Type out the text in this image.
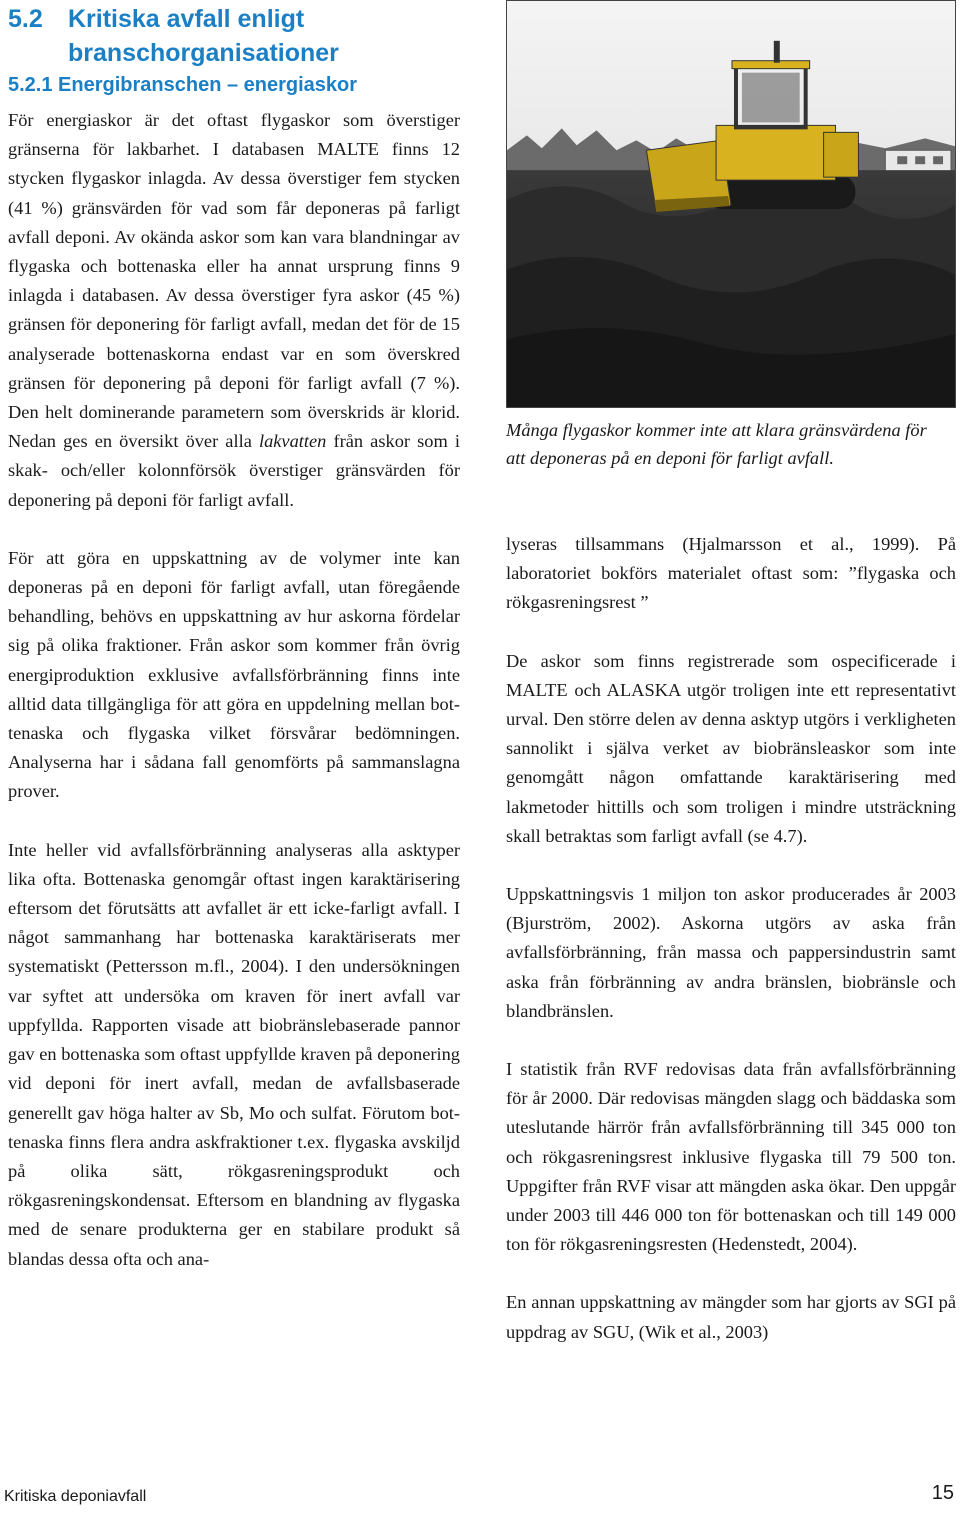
5.2 Kritiska avfall enligt branschorganisationer
5.2.1 Energibranschen – energiaskor

För energiaskor är det oftast flygaskor som överstiger gränserna för lakbarhet. I databasen MALTE finns 12 stycken flygaskor inlagda. Av dessa överstiger fem stycken (41 %) gränsvärden för vad som får deponeras på farligt avfall deponi. Av okända askor som kan vara blandningar av flygaska och bottenaska eller ha annat ursprung finns 9 inlagda i databasen. Av dessa överstiger fyra askor (45 %) gränsen för deponering för farligt avfall, medan det för de 15 analyserade bottenaskorna endast var en som överskred gränsen för deponering på deponi för farligt avfall (7 %). Den helt dominerande parametern som överskrids är klorid. Nedan ges en översikt över alla lakvatten från askor som i skak- och/eller kolonnförsök överstiger gränsvärden för deponering på deponi för farligt avfall.

För att göra en uppskattning av de volymer inte kan deponeras på en deponi för farligt avfall, utan föregående behandling, behövs en uppskattning av hur askorna fördelar sig på olika fraktioner. Från askor som kommer från övrig energiproduktion exklusive avfallsförbränning finns inte alltid data tillgängliga för att göra en uppdelning mellan bottenaska och flygaska vilket försvårar bedömningen. Analyserna har i sådana fall genomförts på sammanslagna prover.

Inte heller vid avfallsförbränning analyseras alla asktyper lika ofta. Bottenaska genomgår oftast ingen karaktärisering eftersom det förutsätts att avfallet är ett icke-farligt avfall. I något sammanhang har bottenaska karaktäriserats mer systematiskt (Pettersson m.fl., 2004). I den undersökningen var syftet att undersöka om kraven för inert avfall var uppfyllda. Rapporten visade att biobränslebaserade pannor gav en bottenaska som oftast uppfyllde kraven på deponering vid deponi för inert avfall, medan de avfallsbaserade generellt gav höga halter av Sb, Mo och sulfat. Förutom bottenaska finns flera andra askfraktioner t.ex. flygaska avskiljd på olika sätt, rökgasreningsprodukt och rökgasreningskondensat. Eftersom en blandning av flygaska med de senare produkterna ger en stabilare produkt så blandas dessa ofta och ana-

Många flygaskor kommer inte att klara gränsvärdena för att deponeras på en deponi för farligt avfall.

lyseras tillsammans (Hjalmarsson et al., 1999). På laboratoriet bokförs materialet oftast som: ”flygaska och rökgasreningsrest ”

De askor som finns registrerade som ospecificerade i MALTE och ALASKA utgör troligen inte ett representativt urval. Den större delen av denna asktyp utgörs i verkligheten sannolikt i själva verket av biobränsleaskor som inte genomgått någon omfattande karaktärisering med lakmetoder hittills och som troligen i mindre utsträckning skall betraktas som farligt avfall (se 4.7).

Uppskattningsvis 1 miljon ton askor producerades år 2003 (Bjurström, 2002). Askorna utgörs av aska från avfallsförbränning, från massa och pappersindustrin samt aska från förbränning av andra bränslen, biobränsle och blandbränslen.

I statistik från RVF redovisas data från avfallsförbränning för år 2000. Där redovisas mängden slagg och bäddaska som uteslutande härrör från avfallsförbränning till 345 000 ton och rökgasreningsrest inklusive flygaska till 79 500 ton. Uppgifter från RVF visar att mängden aska ökar. Den uppgår under 2003 till 446 000 ton för bottenaskan och till 149 000 ton för rökgasreningsresten (Hedenstedt, 2004).

En annan uppskattning av mängder som har gjorts av SGI på uppdrag av SGU, (Wik et al., 2003)

Kritiska deponiavfall	15
